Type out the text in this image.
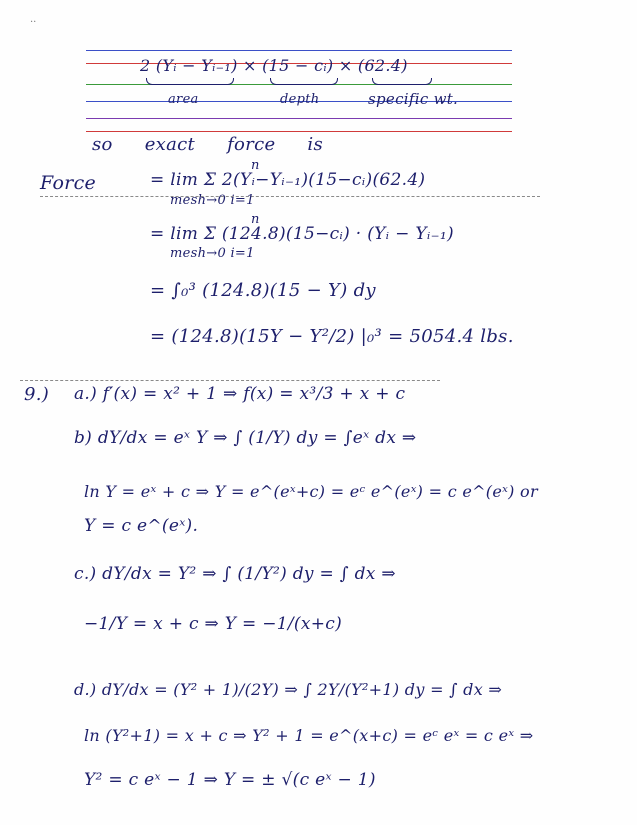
..
2 (Yᵢ − Yᵢ₋₁) × (15 − cᵢ) × (62.4)
area	depth	specific wt.
so exact force is
Force
n
= lim Σ 2(Yᵢ−Yᵢ₋₁)(15−cᵢ)(62.4)
mesh→0 i=1
n
= lim Σ (124.8)(15−cᵢ) · (Yᵢ − Yᵢ₋₁)
mesh→0 i=1
= ∫₀³ (124.8)(15 − Y) dy
= (124.8)(15Y − Y²/2) |₀³ = 5054.4 lbs.
9.) a.) f′(x) = x² + 1 ⇒ f(x) = x³/3 + x + c
b) dY/dx = eˣ Y ⇒ ∫ (1/Y) dy = ∫eˣ dx ⇒
ln Y = eˣ + c ⇒ Y = e^(eˣ+c) = eᶜ e^(eˣ) = c e^(eˣ) or
Y = c e^(eˣ).
c.) dY/dx = Y² ⇒ ∫ (1/Y²) dy = ∫ dx ⇒
−1/Y = x + c ⇒ Y = −1/(x+c)
d.) dY/dx = (Y² + 1)/(2Y) ⇒ ∫ 2Y/(Y²+1) dy = ∫ dx ⇒
ln (Y²+1) = x + c ⇒ Y² + 1 = e^(x+c) = eᶜ eˣ = c eˣ ⇒
Y² = c eˣ − 1 ⇒ Y = ± √(c eˣ − 1)
